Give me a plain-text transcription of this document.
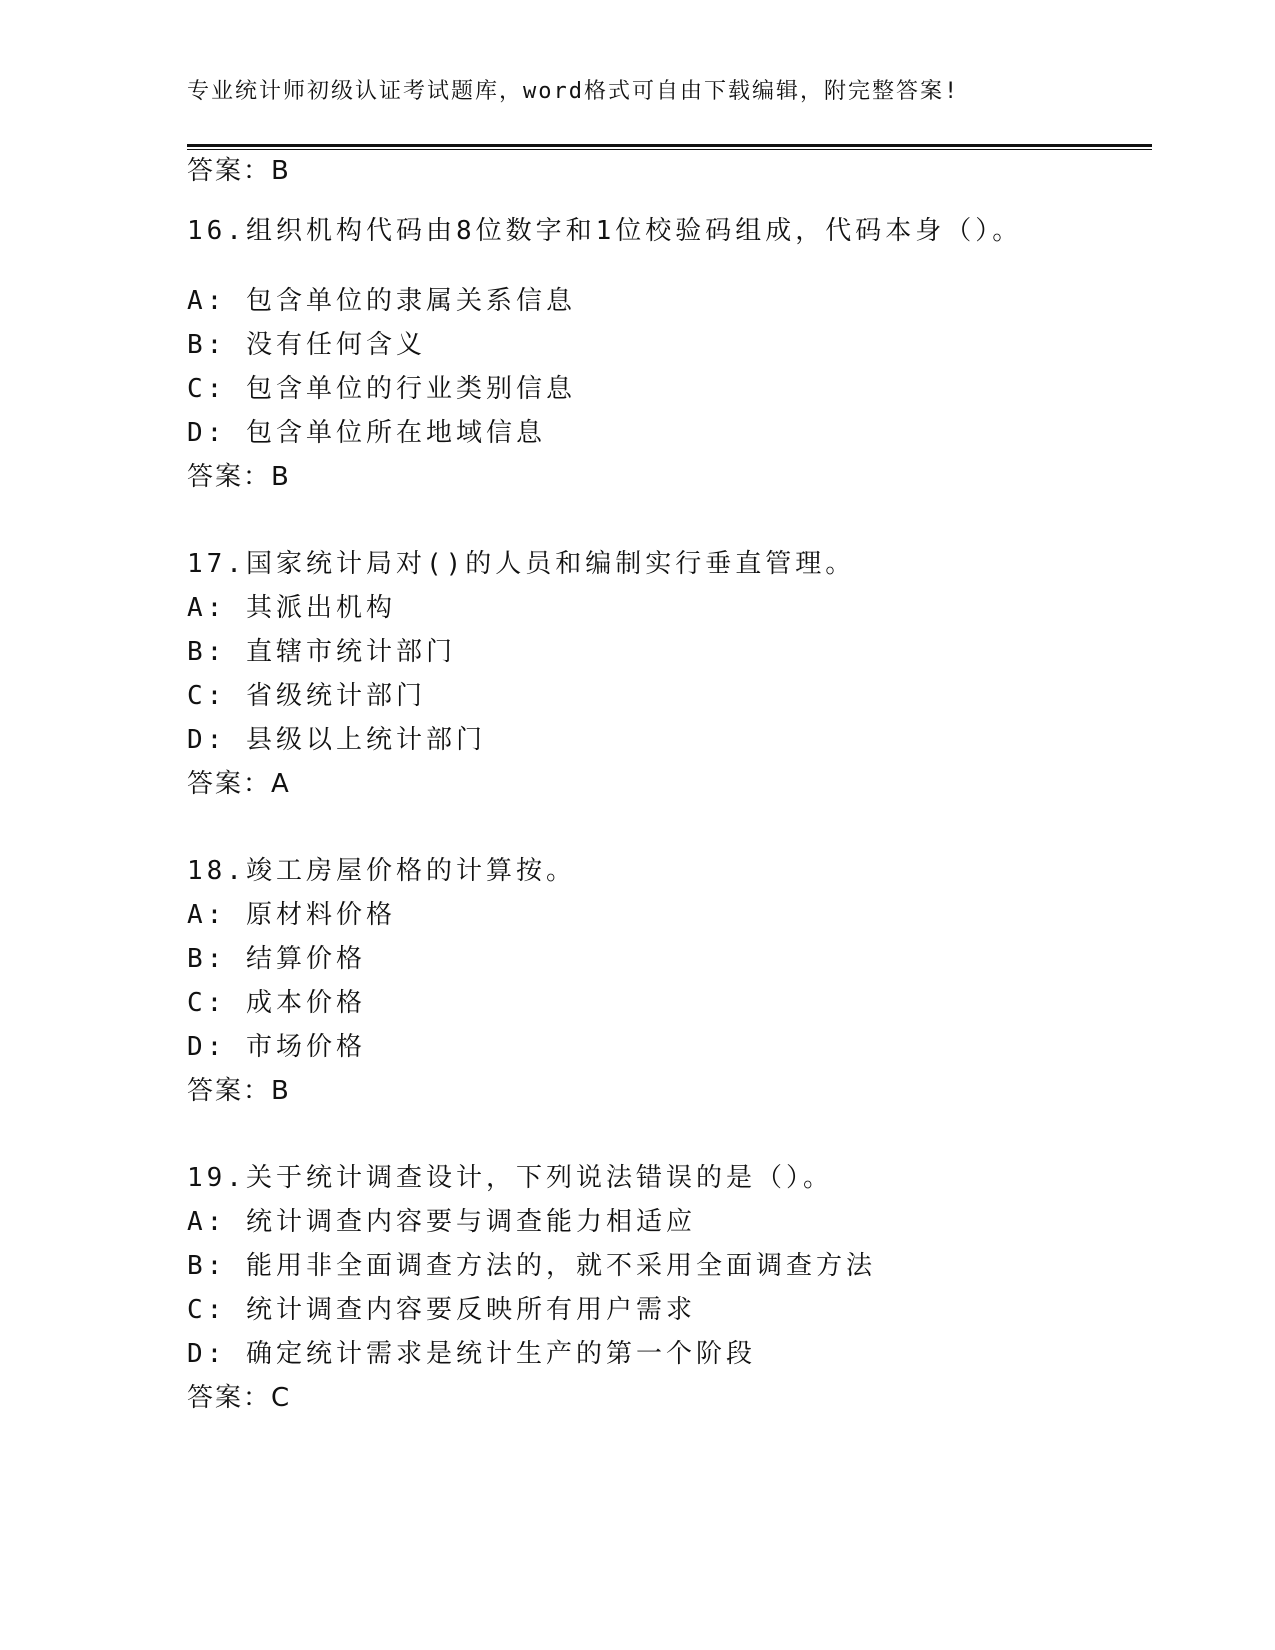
专业统计师初级认证考试题库，word格式可自由下载编辑，附完整答案!
答案：B
16.组织机构代码由8位数字和1位校验码组成，代码本身（）。
A: 包含单位的隶属关系信息
B: 没有任何含义
C: 包含单位的行业类别信息
D: 包含单位所在地域信息
答案：B
17.国家统计局对()的人员和编制实行垂直管理。
A: 其派出机构
B: 直辖市统计部门
C: 省级统计部门
D: 县级以上统计部门
答案：A
18.竣工房屋价格的计算按。
A: 原材料价格
B: 结算价格
C: 成本价格
D: 市场价格
答案：B
19.关于统计调查设计，下列说法错误的是（）。
A: 统计调查内容要与调查能力相适应
B: 能用非全面调查方法的，就不采用全面调查方法
C: 统计调查内容要反映所有用户需求
D: 确定统计需求是统计生产的第一个阶段
答案：C
